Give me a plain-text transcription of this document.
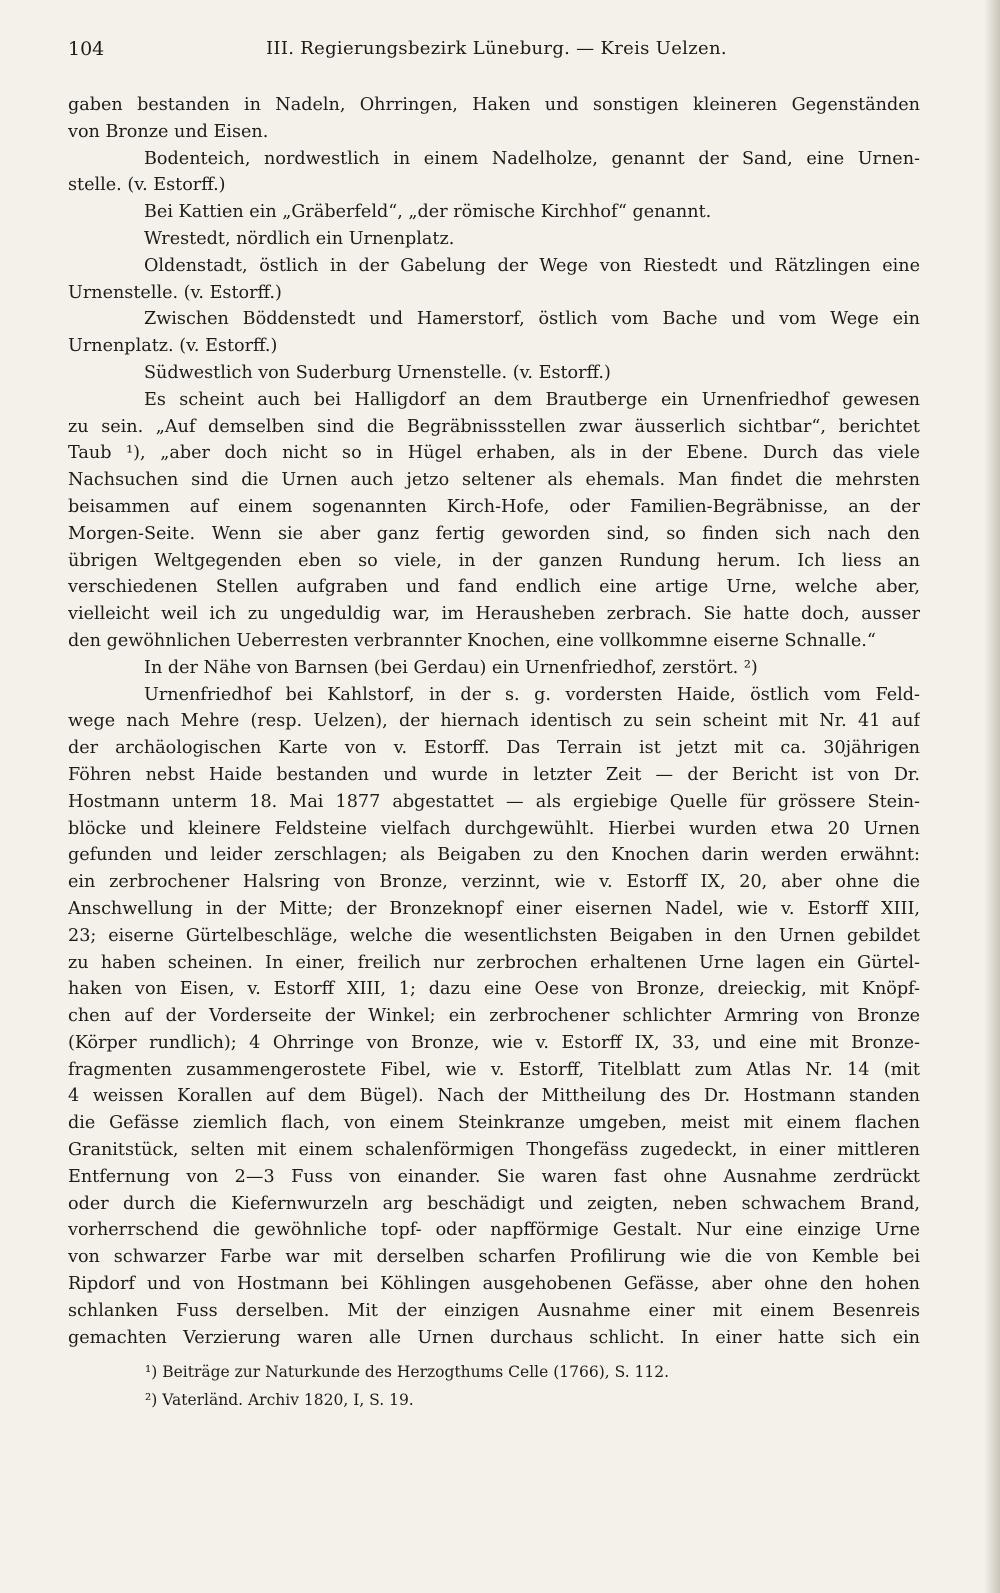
104	III. Regierungsbezirk Lüneburg. — Kreis Uelzen.
gaben bestanden in Nadeln, Ohrringen, Haken und sonstigen kleineren Gegenständen
von Bronze und Eisen.
Bodenteich, nordwestlich in einem Nadelholze, genannt der Sand, eine Urnen-
stelle. (v. Estorff.)
Bei Kattien ein „Gräberfeld“, „der römische Kirchhof“ genannt.
Wrestedt, nördlich ein Urnenplatz.
Oldenstadt, östlich in der Gabelung der Wege von Riestedt und Rätzlingen eine
Urnenstelle. (v. Estorff.)
Zwischen Böddenstedt und Hamerstorf, östlich vom Bache und vom Wege ein
Urnenplatz. (v. Estorff.)
Südwestlich von Suderburg Urnenstelle. (v. Estorff.)
Es scheint auch bei Halligdorf an dem Brautberge ein Urnenfriedhof gewesen
zu sein. „Auf demselben sind die Begräbnissstellen zwar äusserlich sichtbar“, berichtet
Taub ¹), „aber doch nicht so in Hügel erhaben, als in der Ebene. Durch das viele
Nachsuchen sind die Urnen auch jetzo seltener als ehemals. Man findet die mehrsten
beisammen auf einem sogenannten Kirch-Hofe, oder Familien-Begräbnisse, an der
Morgen-Seite. Wenn sie aber ganz fertig geworden sind, so finden sich nach den
übrigen Weltgegenden eben so viele, in der ganzen Rundung herum. Ich liess an
verschiedenen Stellen aufgraben und fand endlich eine artige Urne, welche aber,
vielleicht weil ich zu ungeduldig war, im Herausheben zerbrach. Sie hatte doch, ausser
den gewöhnlichen Ueberresten verbrannter Knochen, eine vollkommne eiserne Schnalle.“
In der Nähe von Barnsen (bei Gerdau) ein Urnenfriedhof, zerstört. ²)
Urnenfriedhof bei Kahlstorf, in der s. g. vordersten Haide, östlich vom Feld-
wege nach Mehre (resp. Uelzen), der hiernach identisch zu sein scheint mit Nr. 41 auf
der archäologischen Karte von v. Estorff. Das Terrain ist jetzt mit ca. 30jährigen
Föhren nebst Haide bestanden und wurde in letzter Zeit — der Bericht ist von Dr.
Hostmann unterm 18. Mai 1877 abgestattet — als ergiebige Quelle für grössere Stein-
blöcke und kleinere Feldsteine vielfach durchgewühlt. Hierbei wurden etwa 20 Urnen
gefunden und leider zerschlagen; als Beigaben zu den Knochen darin werden erwähnt:
ein zerbrochener Halsring von Bronze, verzinnt, wie v. Estorff IX, 20, aber ohne die
Anschwellung in der Mitte; der Bronzeknopf einer eisernen Nadel, wie v. Estorff XIII,
23; eiserne Gürtelbeschläge, welche die wesentlichsten Beigaben in den Urnen gebildet
zu haben scheinen. In einer, freilich nur zerbrochen erhaltenen Urne lagen ein Gürtel-
haken von Eisen, v. Estorff XIII, 1; dazu eine Oese von Bronze, dreieckig, mit Knöpf-
chen auf der Vorderseite der Winkel; ein zerbrochener schlichter Armring von Bronze
(Körper rundlich); 4 Ohrringe von Bronze, wie v. Estorff IX, 33, und eine mit Bronze-
fragmenten zusammengerostete Fibel, wie v. Estorff, Titelblatt zum Atlas Nr. 14 (mit
4 weissen Korallen auf dem Bügel). Nach der Mittheilung des Dr. Hostmann standen
die Gefässe ziemlich flach, von einem Steinkranze umgeben, meist mit einem flachen
Granitstück, selten mit einem schalenförmigen Thongefäss zugedeckt, in einer mittleren
Entfernung von 2—3 Fuss von einander. Sie waren fast ohne Ausnahme zerdrückt
oder durch die Kiefernwurzeln arg beschädigt und zeigten, neben schwachem Brand,
vorherrschend die gewöhnliche topf- oder napfförmige Gestalt. Nur eine einzige Urne
von schwarzer Farbe war mit derselben scharfen Profilirung wie die von Kemble bei
Ripdorf und von Hostmann bei Köhlingen ausgehobenen Gefässe, aber ohne den hohen
schlanken Fuss derselben. Mit der einzigen Ausnahme einer mit einem Besenreis
gemachten Verzierung waren alle Urnen durchaus schlicht. In einer hatte sich ein
¹) Beiträge zur Naturkunde des Herzogthums Celle (1766), S. 112.
²) Vaterländ. Archiv 1820, I, S. 19.
